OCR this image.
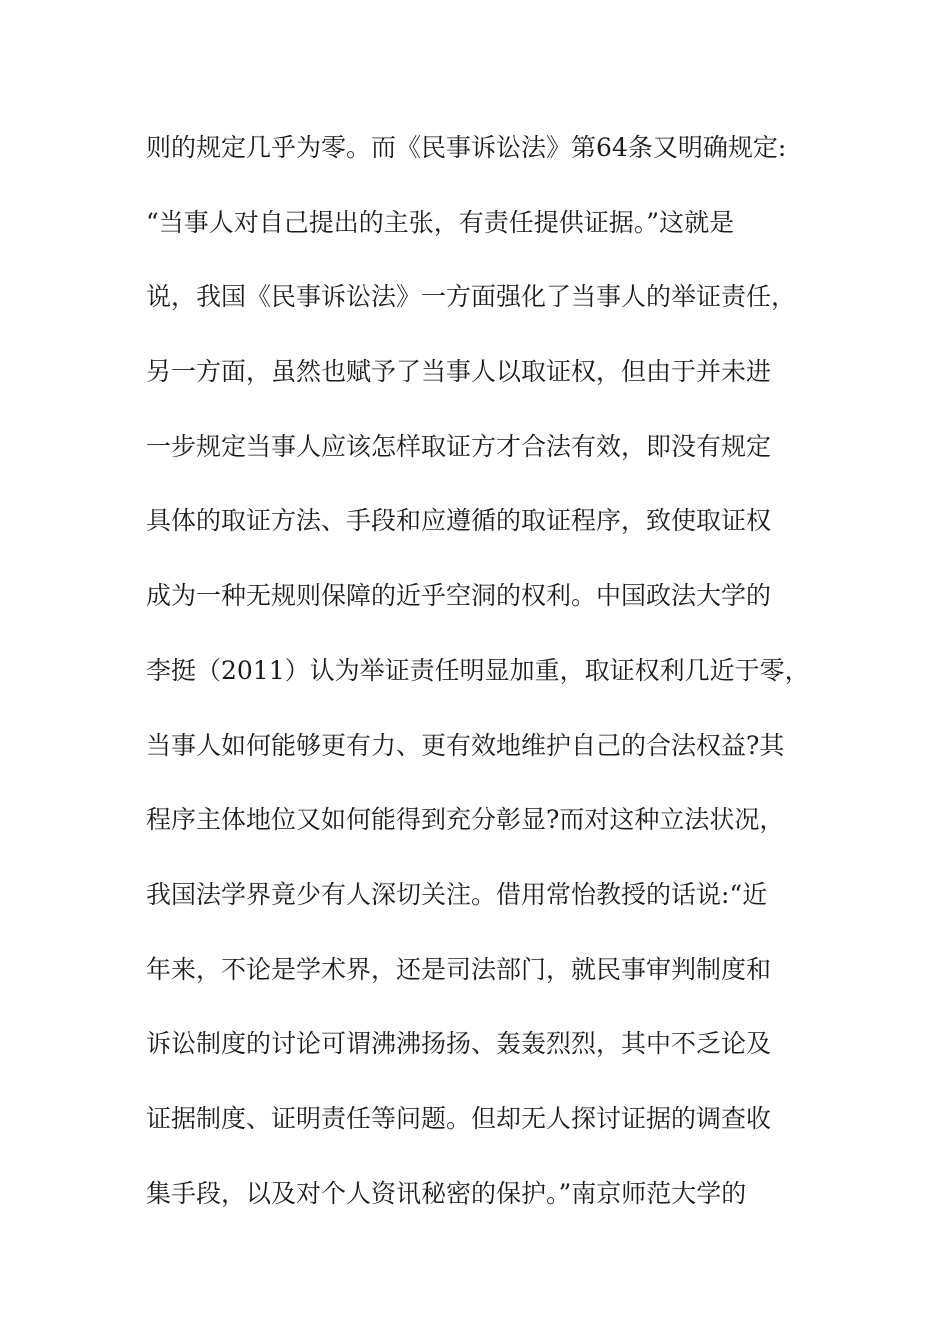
则的规定几乎为零。而《民事诉讼法》第64条又明确规定:
“当事人对自己提出的主张，有责任提供证据。”这就是
说，我国《民事诉讼法》一方面强化了当事人的举证责任，
另一方面，虽然也赋予了当事人以取证权，但由于并未进
一步规定当事人应该怎样取证方才合法有效，即没有规定
具体的取证方法、手段和应遵循的取证程序，致使取证权
成为一种无规则保障的近乎空洞的权利。中国政法大学的
李挺（2011）认为举证责任明显加重，取证权利几近于零，
当事人如何能够更有力、更有效地维护自己的合法权益?其
程序主体地位又如何能得到充分彰显?而对这种立法状况，
我国法学界竟少有人深切关注。借用常怡教授的话说:“近
年来，不论是学术界，还是司法部门，就民事审判制度和
诉讼制度的讨论可谓沸沸扬扬、轰轰烈烈，其中不乏论及
证据制度、证明责任等问题。但却无人探讨证据的调查收
集手段，以及对个人资讯秘密的保护。”南京师范大学的
